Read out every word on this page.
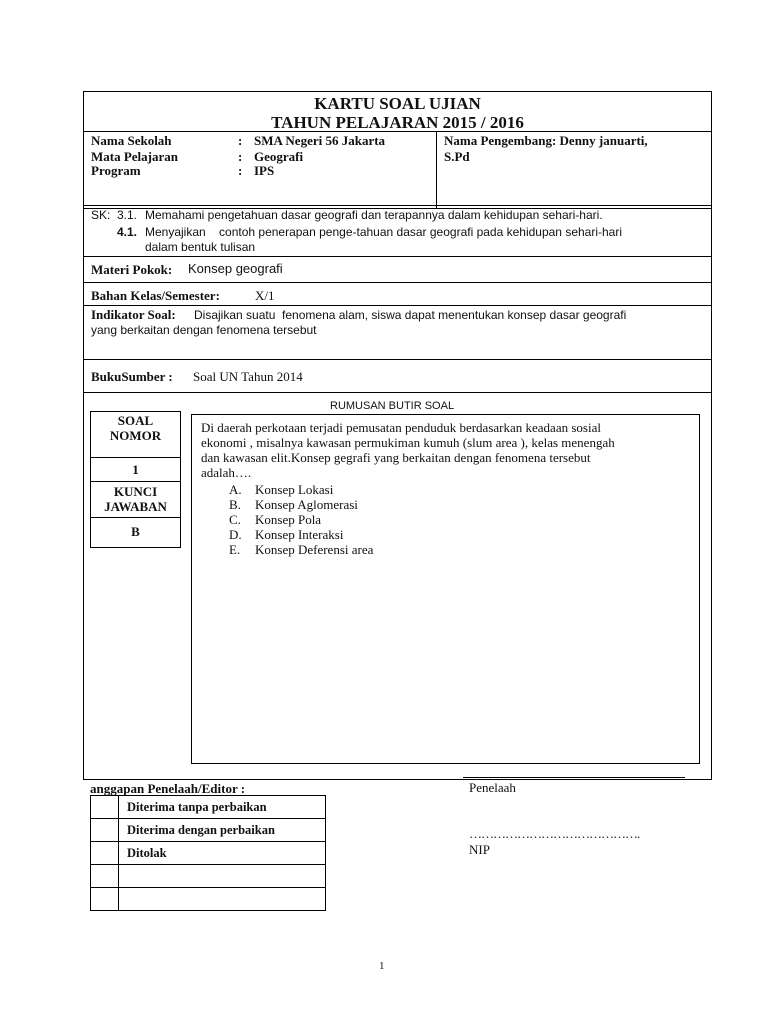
KARTU SOAL UJIAN
TAHUN PELAJARAN 2015 / 2016
Nama Sekolah	: SMA Negeri 56 Jakarta
Mata Pelajaran	: Geografi
Program	: IPS
Nama Pengembang: Denny januarti,
S.Pd
SK: 3.1. Memahami pengetahuan dasar geografi dan terapannya dalam kehidupan sehari-hari.
4.1. Menyajikan    contoh penerapan penge-tahuan dasar geografi pada kehidupan sehari-hari
dalam bentuk tulisan
Materi Pokok: Konsep geografi
Bahan Kelas/Semester:	X/1
Indikator Soal: Disajikan suatu  fenomena alam, siswa dapat menentukan konsep dasar geografi
yang berkaitan dengan fenomena tersebut
BukuSumber : Soal UN Tahun 2014
RUMUSAN BUTIR SOAL
SOAL
NOMOR
1
KUNCI
JAWABAN
B
Di daerah perkotaan terjadi pemusatan penduduk berdasarkan keadaan sosial
ekonomi , misalnya kawasan permukiman kumuh (slum area ), kelas menengah
dan kawasan elit.Konsep gegrafi yang berkaitan dengan fenomena tersebut
adalah….
A. Konsep Lokasi
B. Konsep Aglomerasi
C. Konsep Pola
D. Konsep Interaksi
E. Konsep Deferensi area
anggapan Penelaah/Editor :
	Diterima tanpa perbaikan
	Diterima dengan perbaikan
	Ditolak

Penelaah
…………………………………….
NIP
1
